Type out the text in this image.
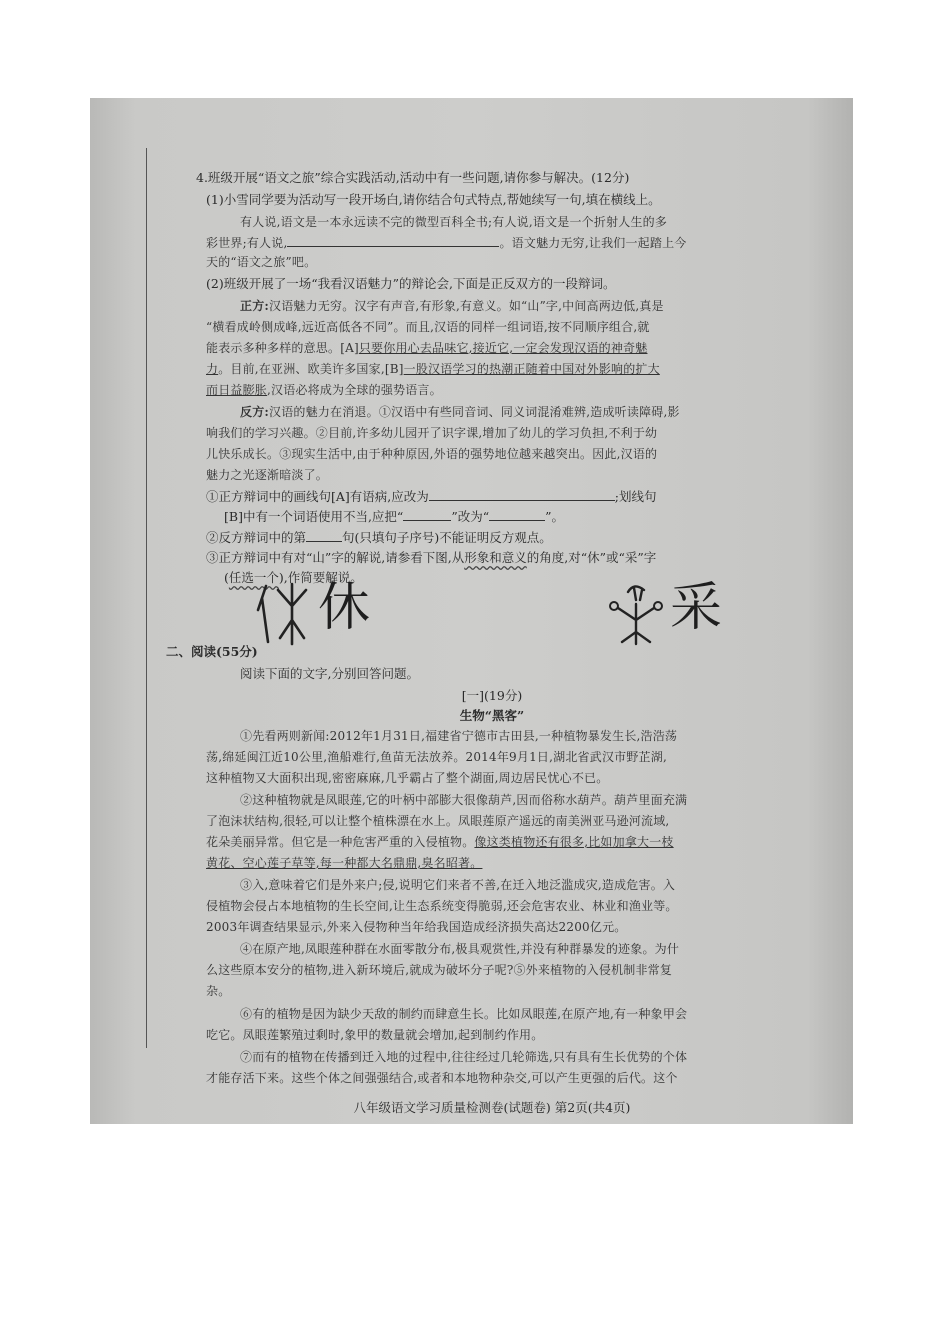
4.班级开展“语文之旅”综合实践活动,活动中有一些问题,请你参与解决。(12分)
(1)小雪同学要为活动写一段开场白,请你结合句式特点,帮她续写一句,填在横线上。
有人说,语文是一本永远读不完的微型百科全书;有人说,语文是一个折射人生的多
彩世界;有人说,	。语文魅力无穷,让我们一起踏上今
天的“语文之旅”吧。
(2)班级开展了一场“我看汉语魅力”的辩论会,下面是正反双方的一段辩词。
正方:汉语魅力无穷。汉字有声音,有形象,有意义。如“山”字,中间高两边低,真是
“横看成岭侧成峰,远近高低各不同”。而且,汉语的同样一组词语,按不同顺序组合,就
能表示多种多样的意思。[A]只要你用心去品味它,接近它,一定会发现汉语的神奇魅
力。目前,在亚洲、欧美许多国家,[B]一股汉语学习的热潮正随着中国对外影响的扩大
而日益膨胀,汉语必将成为全球的强势语言。
反方:汉语的魅力在消退。①汉语中有些同音词、同义词混淆难辨,造成听读障碍,影
响我们的学习兴趣。②目前,许多幼儿园开了识字课,增加了幼儿的学习负担,不利于幼
儿快乐成长。③现实生活中,由于种种原因,外语的强势地位越来越突出。因此,汉语的
魅力之光逐渐暗淡了。
①正方辩词中的画线句[A]有语病,应改为	;划线句
[B]中有一个词语使用不当,应把“	”改为“	”。
②反方辩词中的第	句(只填句子序号)不能证明反方观点。
③正方辩词中有对“山”字的解说,请参看下图,从形象和意义的角度,对“休”或“采”字
(任选一个),作简要解说。
休	采
二、阅读(55分)
阅读下面的文字,分别回答问题。
[一](19分)
生物“黑客”
①先看两则新闻:2012年1月31日,福建省宁德市古田县,一种植物暴发生长,浩浩荡
荡,绵延闽江近10公里,渔船难行,鱼苗无法放养。2014年9月1日,湖北省武汉市野芷湖,
这种植物又大面积出现,密密麻麻,几乎霸占了整个湖面,周边居民忧心不已。
②这种植物就是凤眼莲,它的叶柄中部膨大很像葫芦,因而俗称水葫芦。葫芦里面充满
了泡沫状结构,很轻,可以让整个植株漂在水上。凤眼莲原产遥远的南美洲亚马逊河流域,
花朵美丽异常。但它是一种危害严重的入侵植物。像这类植物还有很多,比如加拿大一枝
黄花、空心莲子草等,每一种都大名鼎鼎,臭名昭著。
③入,意味着它们是外来户;侵,说明它们来者不善,在迁入地泛滥成灾,造成危害。入
侵植物会侵占本地植物的生长空间,让生态系统变得脆弱,还会危害农业、林业和渔业等。
2003年调查结果显示,外来入侵物种当年给我国造成经济损失高达2200亿元。
④在原产地,凤眼莲种群在水面零散分布,极具观赏性,并没有种群暴发的迹象。为什
么这些原本安分的植物,进入新环境后,就成为破坏分子呢?⑤外来植物的入侵机制非常复
杂。
⑥有的植物是因为缺少天敌的制约而肆意生长。比如凤眼莲,在原产地,有一种象甲会
吃它。凤眼莲繁殖过剩时,象甲的数量就会增加,起到制约作用。
⑦而有的植物在传播到迁入地的过程中,往往经过几轮筛选,只有具有生长优势的个体
才能存活下来。这些个体之间强强结合,或者和本地物种杂交,可以产生更强的后代。这个
八年级语文学习质量检测卷(试题卷) 第2页(共4页)
